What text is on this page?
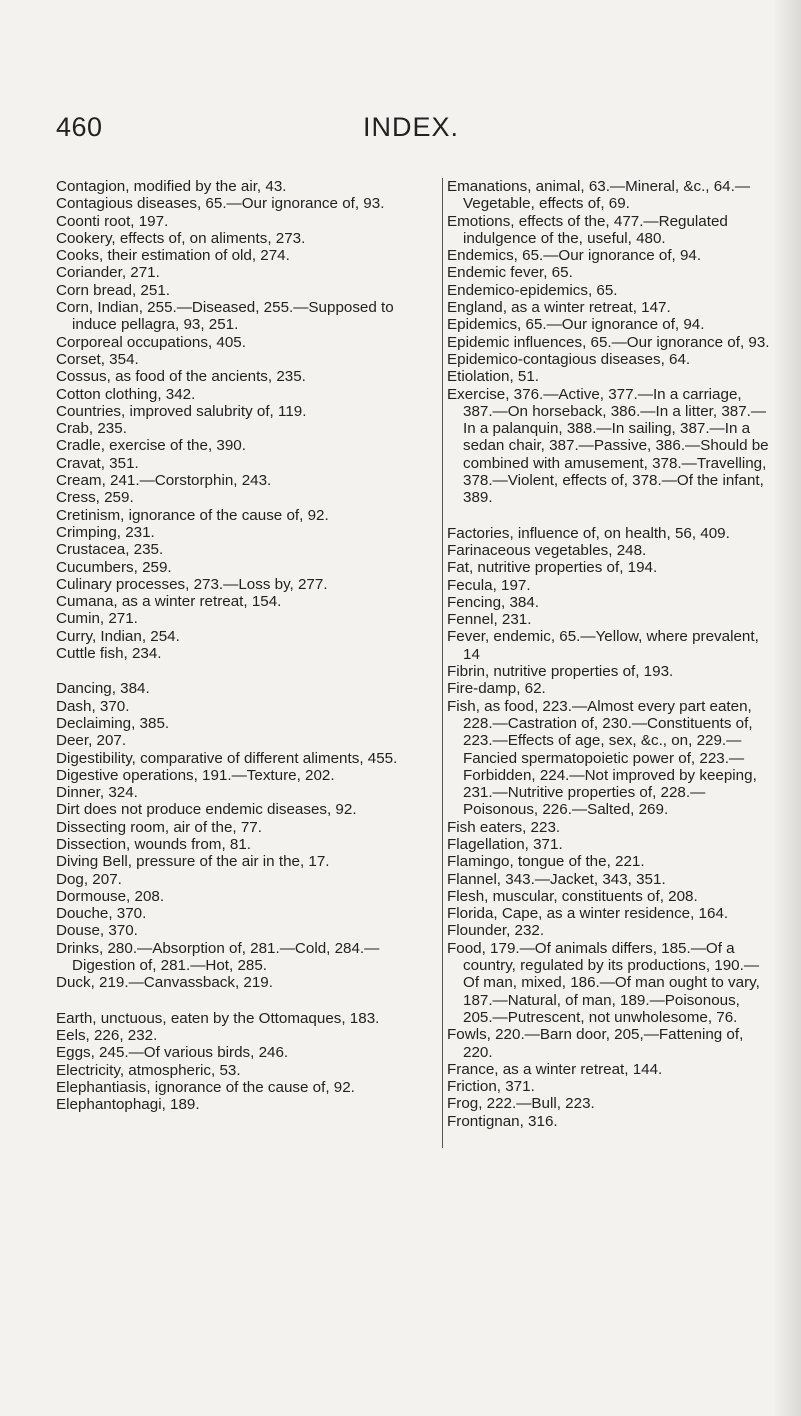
460	INDEX.

Contagion, modified by the air, 43.

Contagious diseases, 65.—Our ignorance of, 93.

Coonti root, 197.

Cookery, effects of, on aliments, 273.

Cooks, their estimation of old, 274.

Coriander, 271.

Corn bread, 251.

Corn, Indian, 255.—Diseased, 255.—Supposed to induce pellagra, 93, 251.

Corporeal occupations, 405.

Corset, 354.

Cossus, as food of the ancients, 235.

Cotton clothing, 342.

Countries, improved salubrity of, 119.

Crab, 235.

Cradle, exercise of the, 390.

Cravat, 351.

Cream, 241.—Corstorphin, 243.

Cress, 259.

Cretinism, ignorance of the cause of, 92.

Crimping, 231.

Crustacea, 235.

Cucumbers, 259.

Culinary processes, 273.—Loss by, 277.

Cumana, as a winter retreat, 154.

Cumin, 271.

Curry, Indian, 254.

Cuttle fish, 234.

Dancing, 384.

Dash, 370.

Declaiming, 385.

Deer, 207.

Digestibility, comparative of different aliments, 455.

Digestive operations, 191.—Texture, 202.

Dinner, 324.

Dirt does not produce endemic diseases, 92.

Dissecting room, air of the, 77.

Dissection, wounds from, 81.

Diving Bell, pressure of the air in the, 17.

Dog, 207.

Dormouse, 208.

Douche, 370.

Douse, 370.

Drinks, 280.—Absorption of, 281.—Cold, 284.—Digestion of, 281.—Hot, 285.

Duck, 219.—Canvassback, 219.

Earth, unctuous, eaten by the Ottomaques, 183.

Eels, 226, 232.

Eggs, 245.—Of various birds, 246.

Electricity, atmospheric, 53.

Elephantiasis, ignorance of the cause of, 92.

Elephantophagi, 189.

Emanations, animal, 63.—Mineral, &c., 64.—Vegetable, effects of, 69.

Emotions, effects of the, 477.—Regulated indulgence of the, useful, 480.

Endemics, 65.—Our ignorance of, 94.

Endemic fever, 65.

Endemico-epidemics, 65.

England, as a winter retreat, 147.

Epidemics, 65.—Our ignorance of, 94.

Epidemic influences, 65.—Our ignorance of, 93.

Epidemico-contagious diseases, 64.

Etiolation, 51.

Exercise, 376.—Active, 377.—In a carriage, 387.—On horseback, 386.—In a litter, 387.—In a palanquin, 388.—In sailing, 387.—In a sedan chair, 387.—Passive, 386.—Should be combined with amusement, 378.—Travelling, 378.—Violent, effects of, 378.—Of the infant, 389.

Factories, influence of, on health, 56, 409.

Farinaceous vegetables, 248.

Fat, nutritive properties of, 194.

Fecula, 197.

Fencing, 384.

Fennel, 231.

Fever, endemic, 65.—Yellow, where prevalent, 14

Fibrin, nutritive properties of, 193.

Fire-damp, 62.

Fish, as food, 223.—Almost every part eaten, 228.—Castration of, 230.—Constituents of, 223.—Effects of age, sex, &c., on, 229.—Fancied spermatopoietic power of, 223.—Forbidden, 224.—Not improved by keeping, 231.—Nutritive properties of, 228.—Poisonous, 226.—Salted, 269.

Fish eaters, 223.

Flagellation, 371.

Flamingo, tongue of the, 221.

Flannel, 343.—Jacket, 343, 351.

Flesh, muscular, constituents of, 208.

Florida, Cape, as a winter residence, 164.

Flounder, 232.

Food, 179.—Of animals differs, 185.—Of a country, regulated by its productions, 190.—Of man, mixed, 186.—Of man ought to vary, 187.—Natural, of man, 189.—Poisonous, 205.—Putrescent, not unwholesome, 76.

Fowls, 220.—Barn door, 205,—Fattening of, 220.

France, as a winter retreat, 144.

Friction, 371.

Frog, 222.—Bull, 223.

Frontignan, 316.
